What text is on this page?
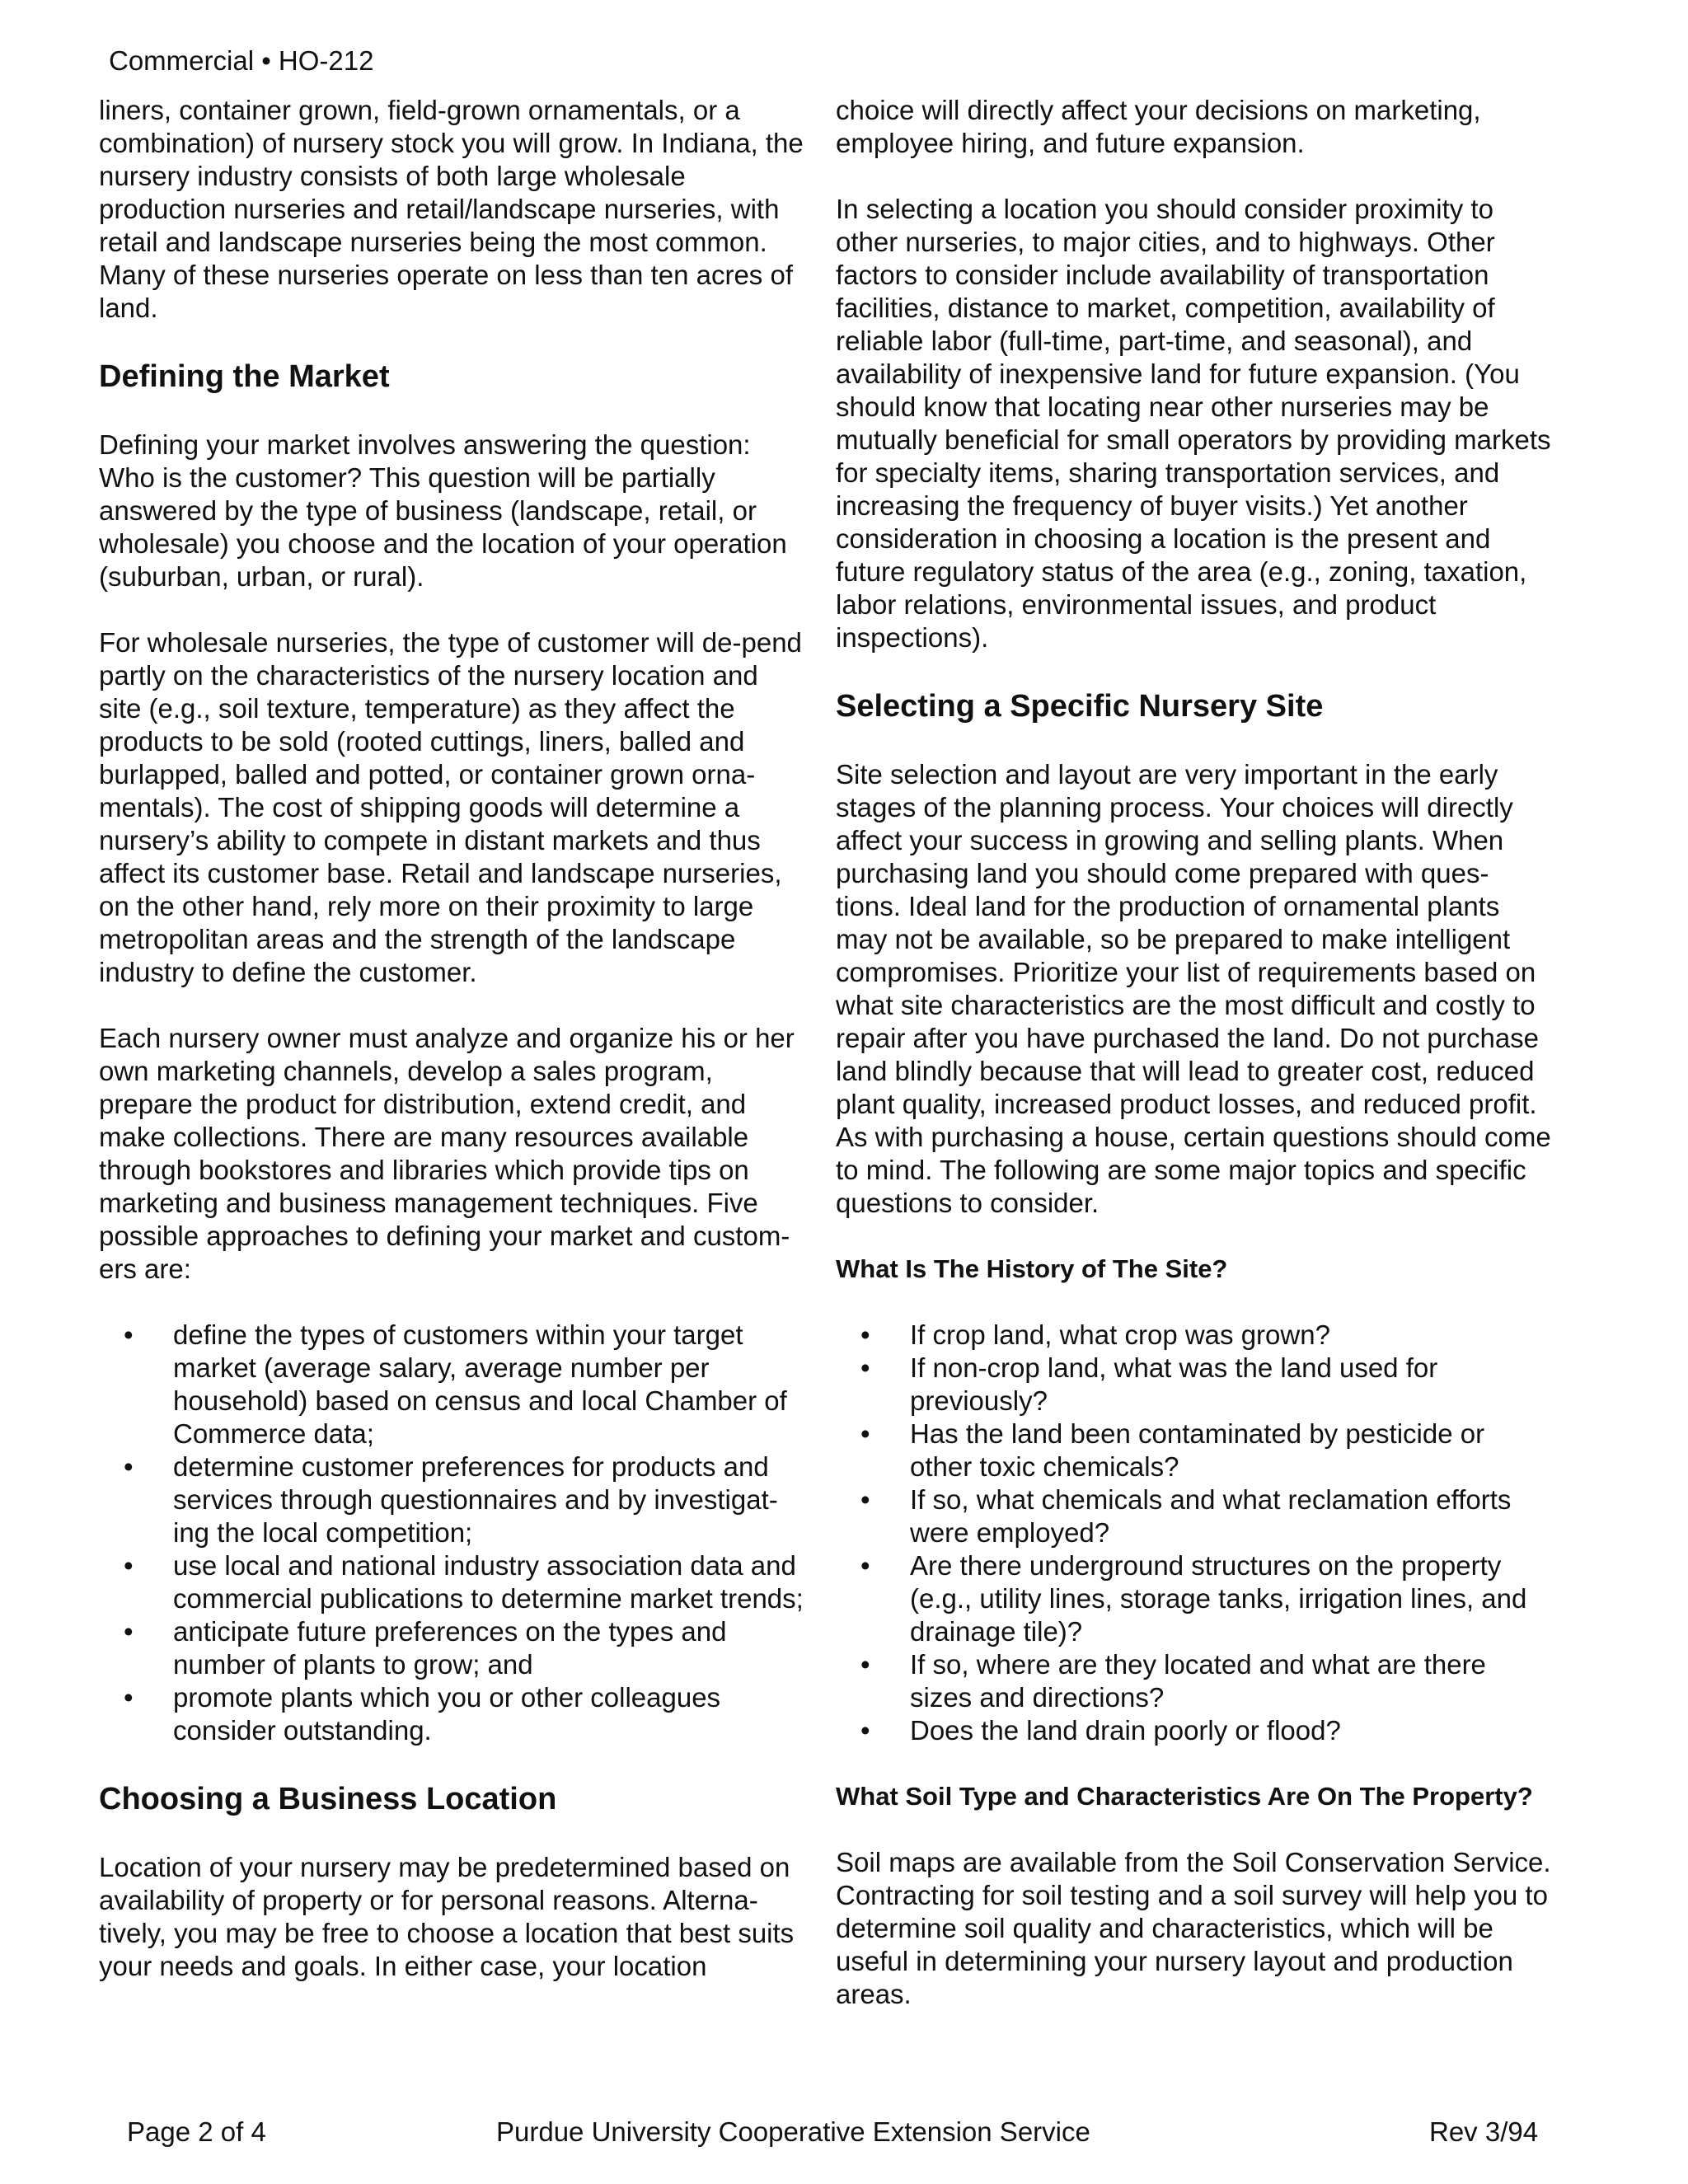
Commercial • HO-212

liners, container grown, field-grown ornamentals, or a combination) of nursery stock you will grow. In Indiana, the nursery industry consists of both large wholesale production nurseries and retail/landscape nurseries, with retail and landscape nurseries being the most common. Many of these nurseries operate on less than ten acres of land.

Defining the Market

Defining your market involves answering the question: Who is the customer? This question will be partially answered by the type of business (landscape, retail, or wholesale) you choose and the location of your operation (suburban, urban, or rural).

For wholesale nurseries, the type of customer will de-pend partly on the characteristics of the nursery location and site (e.g., soil texture, temperature) as they affect the products to be sold (rooted cuttings, liners, balled and burlapped, balled and potted, or container grown orna-mentals). The cost of shipping goods will determine a nursery’s ability to compete in distant markets and thus affect its customer base. Retail and landscape nurseries, on the other hand, rely more on their proximity to large metropolitan areas and the strength of the landscape industry to define the customer.

Each nursery owner must analyze and organize his or her own marketing channels, develop a sales program, prepare the product for distribution, extend credit, and make collections. There are many resources available through bookstores and libraries which provide tips on marketing and business management techniques. Five possible approaches to defining your market and custom-ers are:

• define the types of customers within your target market (average salary, average number per household) based on census and local Chamber of Commerce data;
• determine customer preferences for products and services through questionnaires and by investigat-ing the local competition;
• use local and national industry association data and commercial publications to determine market trends;
• anticipate future preferences on the types and number of plants to grow; and
• promote plants which you or other colleagues consider outstanding.
Choosing a Business Location

Location of your nursery may be predetermined based on availability of property or for personal reasons. Alterna-tively, you may be free to choose a location that best suits your needs and goals. In either case, your location

choice will directly affect your decisions on marketing, employee hiring, and future expansion.

In selecting a location you should consider proximity to other nurseries, to major cities, and to highways. Other factors to consider include availability of transportation facilities, distance to market, competition, availability of reliable labor (full-time, part-time, and seasonal), and availability of inexpensive land for future expansion. (You should know that locating near other nurseries may be mutually beneficial for small operators by providing markets for specialty items, sharing transportation services, and increasing the frequency of buyer visits.) Yet another consideration in choosing a location is the present and future regulatory status of the area (e.g., zoning, taxation, labor relations, environmental issues, and product inspections).

Selecting a Specific Nursery Site

Site selection and layout are very important in the early stages of the planning process. Your choices will directly affect your success in growing and selling plants. When purchasing land you should come prepared with ques-tions. Ideal land for the production of ornamental plants may not be available, so be prepared to make intelligent compromises. Prioritize your list of requirements based on what site characteristics are the most difficult and costly to repair after you have purchased the land. Do not purchase land blindly because that will lead to greater cost, reduced plant quality, increased product losses, and reduced profit. As with purchasing a house, certain questions should come to mind. The following are some major topics and specific questions to consider.

What Is The History of The Site?
• If crop land, what crop was grown?
• If non-crop land, what was the land used for previously?
• Has the land been contaminated by pesticide or other toxic chemicals?
• If so, what chemicals and what reclamation efforts were employed?
• Are there underground structures on the property (e.g., utility lines, storage tanks, irrigation lines, and drainage tile)?
• If so, where are they located and what are there sizes and directions?
• Does the land drain poorly or flood?
What Soil Type and Characteristics Are On The Property?

Soil maps are available from the Soil Conservation Service. Contracting for soil testing and a soil survey will help you to determine soil quality and characteristics, which will be useful in determining your nursery layout and production areas.

Page 2 of 4	Purdue University Cooperative Extension Service	Rev 3/94
